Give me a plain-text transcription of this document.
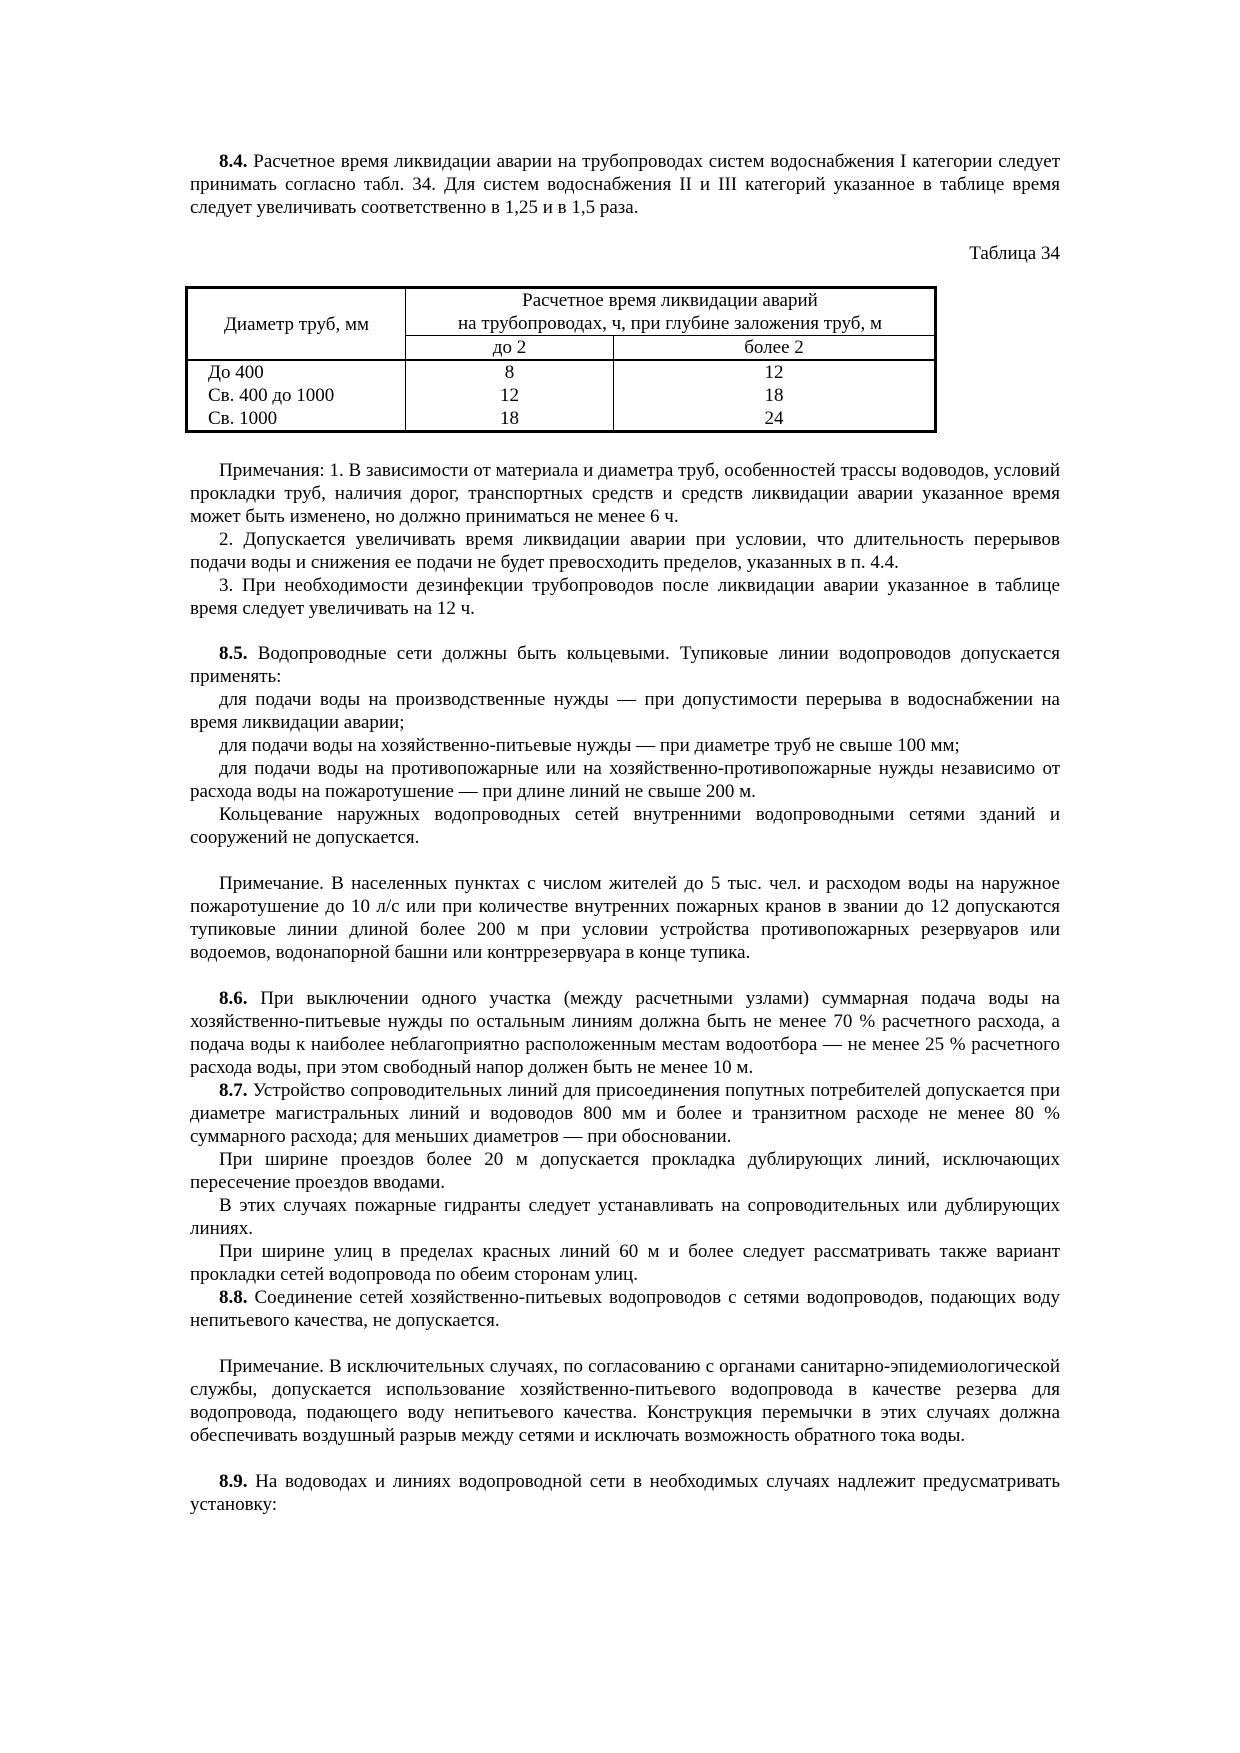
8.4. Расчетное время ликвидации аварии на трубопроводах систем водоснабжения I категории следует принимать согласно табл. 34. Для систем водоснабжения II и III категорий указанное в таблице время следует увеличивать соответственно в 1,25 и в 1,5 раза.

Таблица 34
Диаметр труб, мм	Расчетное время ликвидации аварий
на трубопроводах, ч, при глубине заложения труб, м	

	до 2	более 2
До 400	8	12
Св. 400 до 1000	12	18
Св. 1000	18	24

Примечания: 1. В зависимости от материала и диаметра труб, особенностей трассы водоводов, условий прокладки труб, наличия дорог, транспортных средств и средств ликвидации аварии указанное время может быть изменено, но должно приниматься не менее 6 ч.

2. Допускается увеличивать время ликвидации аварии при условии, что длительность перерывов подачи воды и снижения ее подачи не будет превосходить пределов, указанных в п. 4.4.

3. При необходимости дезинфекции трубопроводов после ликвидации аварии указанное в таблице время следует увеличивать на 12 ч.

8.5. Водопроводные сети должны быть кольцевыми. Тупиковые линии водопроводов допускается применять:

для подачи воды на производственные нужды — при допустимости перерыва в водоснабжении на время ликвидации аварии;

для подачи воды на хозяйственно-питьевые нужды — при диаметре труб не свыше 100 мм;

для подачи воды на противопожарные или на хозяйственно-противопожарные нужды независимо от расхода воды на пожаротушение — при длине линий не свыше 200 м.

Кольцевание наружных водопроводных сетей внутренними водопроводными сетями зданий и сооружений не допускается.

Примечание. В населенных пунктах с числом жителей до 5 тыс. чел. и расходом воды на наружное пожаротушение до 10 л/с или при количестве внутренних пожарных кранов в звании до 12 допускаются тупиковые линии длиной более 200 м при условии устройства противопожарных резервуаров или водоемов, водонапорной башни или контррезервуара в конце тупика.

8.6. При выключении одного участка (между расчетными узлами) суммарная подача воды на хозяйственно-питьевые нужды по остальным линиям должна быть не менее 70 % расчетного расхода, а подача воды к наиболее неблагоприятно расположенным местам водоотбора — не менее 25 % расчетного расхода воды, при этом свободный напор должен быть не менее 10 м.

8.7. Устройство сопроводительных линий для присоединения попутных потребителей допускается при диаметре магистральных линий и водоводов 800 мм и более и транзитном расходе не менее 80 % суммарного расхода; для меньших диаметров — при обосновании.

При ширине проездов более 20 м допускается прокладка дублирующих линий, исключающих пересечение проездов вводами.

В этих случаях пожарные гидранты следует устанавливать на сопроводительных или дублирующих линиях.

При ширине улиц в пределах красных линий 60 м и более следует рассматривать также вариант прокладки сетей водопровода по обеим сторонам улиц.

8.8. Соединение сетей хозяйственно-питьевых водопроводов с сетями водопроводов, подающих воду непитьевого качества, не допускается.

Примечание. В исключительных случаях, по согласованию с органами санитарно-эпидемиологической службы, допускается использование хозяйственно-питьевого водопровода в качестве резерва для водопровода, подающего воду непитьевого качества. Конструкция перемычки в этих случаях должна обеспечивать воздушный разрыв между сетями и исключать возможность обратного тока воды.

8.9. На водоводах и линиях водопроводной сети в необходимых случаях надлежит предусматривать установку:
